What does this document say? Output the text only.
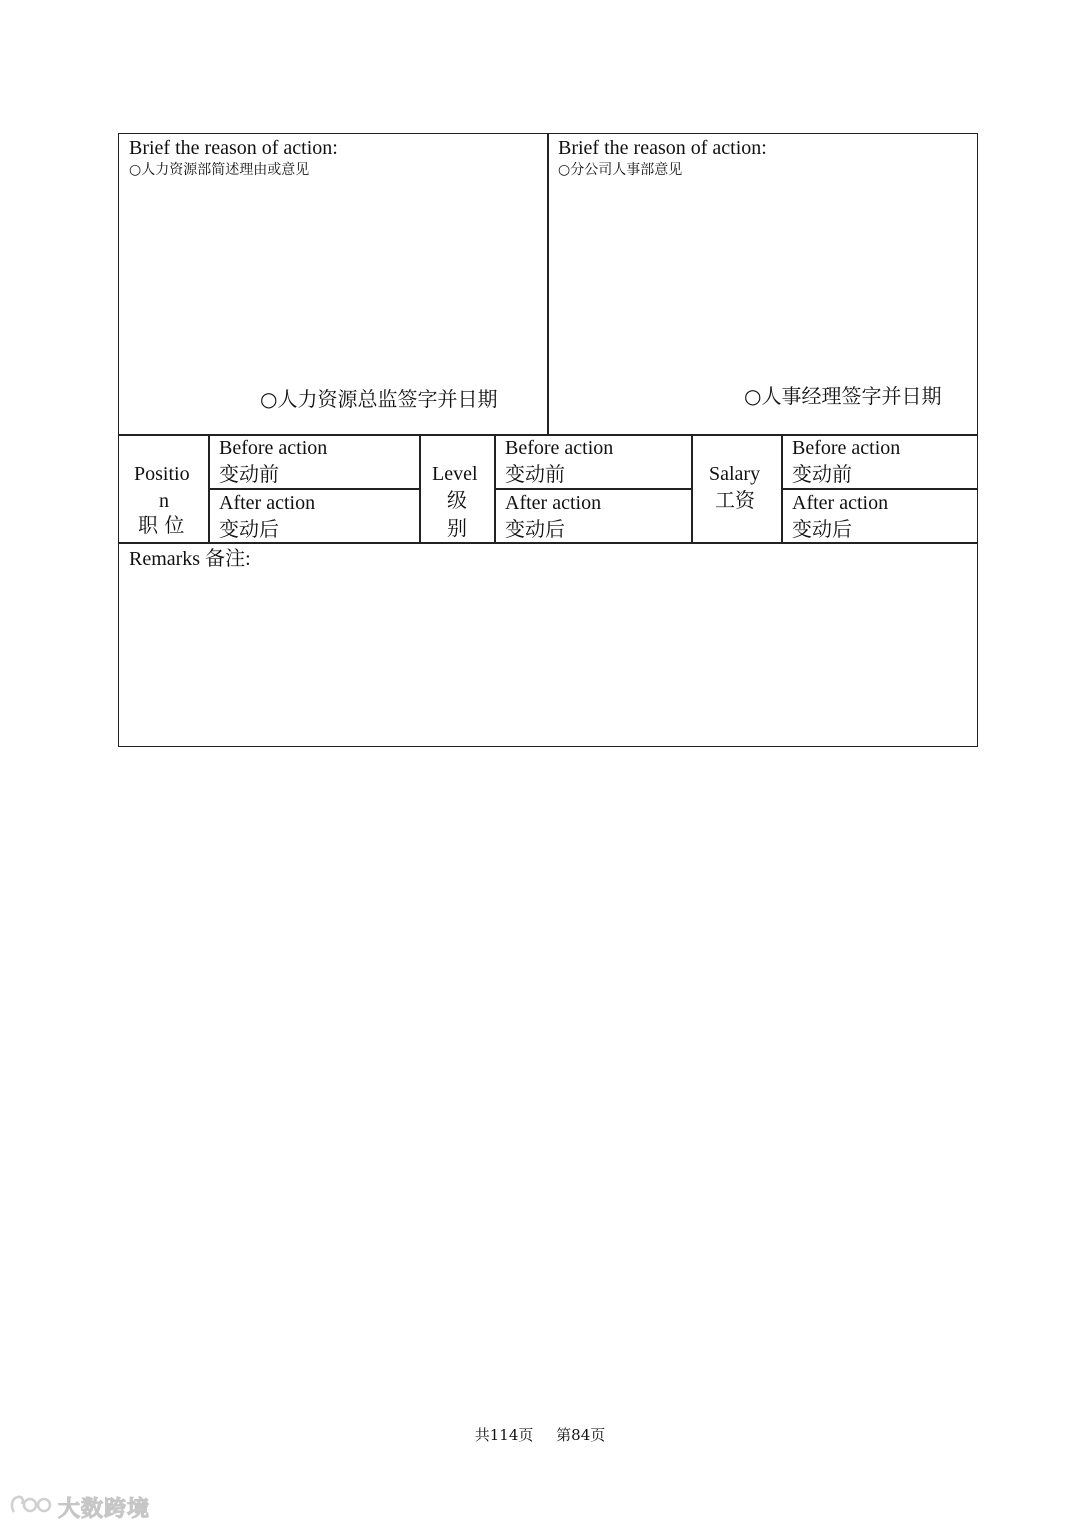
Brief the reason of action:
○人力资源部简述理由或意见
○人力资源总监签字并日期
Brief the reason of action:
○分公司人事部意见
○人事经理签字并日期
Positio
n
职 位
Before action
变动前
After action
变动后
Level
级
别
Before action
变动前
After action
变动后
Salary
工资
Before action
变动前
After action
变动后
Remarks 备注:
共114页 第84页
大数跨境
